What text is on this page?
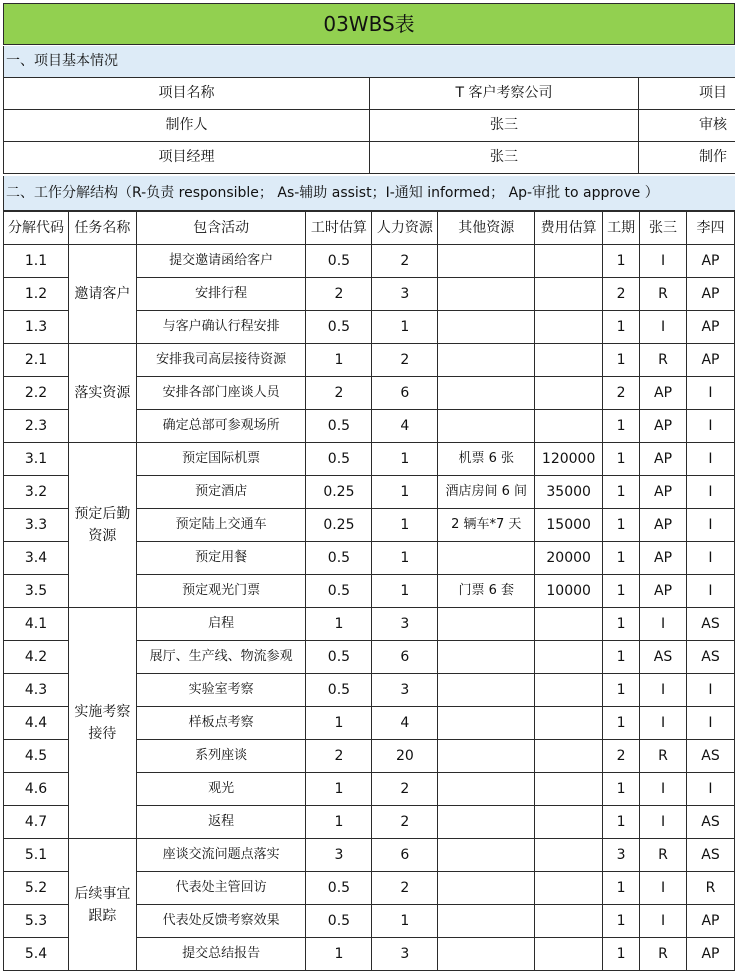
03WBS表
一、项目基本情况
项目名称	T 客户考察公司	项目
制作人	张三	审核
项目经理	张三	制作
二、工作分解结构（R-负责 responsible； As-辅助 assist；I-通知 informed； Ap-审批 to approve ）
分解代码	任务名称	包含活动	工时估算	人力资源	其他资源	费用估算	工期	张三	李四
1.1	邀请客户	提交邀请函给客户	0.5	2			1	I	AP
1.2		安排行程	2	3			2	R	AP
1.3		与客户确认行程安排	0.5	1			1	I	AP
2.1	落实资源	安排我司高层接待资源	1	2			1	R	AP
2.2		安排各部门座谈人员	2	6			2	AP	I
2.3		确定总部可参观场所	0.5	4			1	AP	I
3.1	预定后勤资源	预定国际机票	0.5	1	机票 6 张	120000	1	AP	I
3.2		预定酒店	0.25	1	酒店房间 6 间	35000	1	AP	I
3.3		预定陆上交通车	0.25	1	2 辆车*7 天	15000	1	AP	I
3.4		预定用餐	0.5	1		20000	1	AP	I
3.5		预定观光门票	0.5	1	门票 6 套	10000	1	AP	I
4.1	实施考察接待	启程	1	3			1	I	AS
4.2		展厅、生产线、物流参观	0.5	6			1	AS	AS
4.3		实验室考察	0.5	3			1	I	I
4.4		样板点考察	1	4			1	I	I
4.5		系列座谈	2	20			2	R	AS
4.6		观光	1	2			1	I	I
4.7		返程	1	2			1	I	AS
5.1	后续事宜跟踪	座谈交流问题点落实	3	6			3	R	AS
5.2		代表处主管回访	0.5	2			1	I	R
5.3		代表处反馈考察效果	0.5	1			1	I	AP
5.4		提交总结报告	1	3			1	R	AP
